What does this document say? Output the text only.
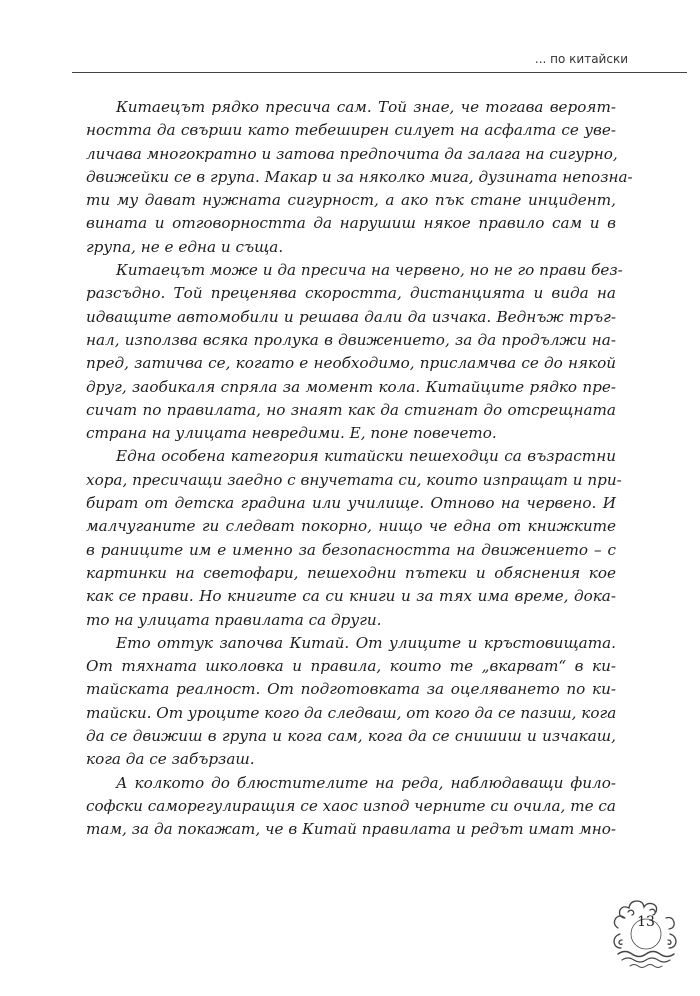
... по китайски
Китаецът рядко пресича сам. Той знае, че тогава вероят-
ността да свърши като тебеширен силует на асфалта се уве-
личава многократно и затова предпочита да залага на сигурно,
движейки се в група. Макар и за няколко мига, дузината непозна-
ти му дават нужната сигурност, а ако пък стане инцидент,
вината и отговорността да нарушиш някое правило сам и в
група, не е една и съща.
Китаецът може и да пресича на червено, но не го прави без-
разсъдно. Той преценява скоростта, дистанцията и вида на
идващите автомобили и решава дали да изчака. Веднъж тръг-
нал, използва всяка пролука в движението, за да продължи на-
пред, затичва се, когато е необходимо, присламчва се до някой
друг, заобикаля спряла за момент кола. Китайците рядко пре-
сичат по правилата, но знаят как да стигнат до отсрещната
страна на улицата невредими. Е, поне повечето.
Една особена категория китайски пешеходци са възрастни
хора, пресичащи заедно с внучетата си, които изпращат и при-
бират от детска градина или училище. Отново на червено. И
малчуганите ги следват покорно, нищо че една от книжките
в раниците им е именно за безопасността на движението – с
картинки на светофари, пешеходни пътеки и обяснения кое
как се прави. Но книгите са си книги и за тях има време, дока-
то на улицата правилата са други.
Ето оттук започва Китай. От улиците и кръстовищата.
От тяхната школовка и правила, които те „вкарват“ в ки-
тайската реалност. От подготовката за оцеляването по ки-
тайски. От уроците кого да следваш, от кого да се пазиш, кога
да се движиш в група и кога сам, кога да се снишиш и изчакаш,
кога да се забързаш.
А колкото до блюстителите на реда, наблюдаващи фило-
софски саморегулиращия се хаос изпод черните си очила, те са
там, за да покажат, че в Китай правилата и редът имат мно-
13
